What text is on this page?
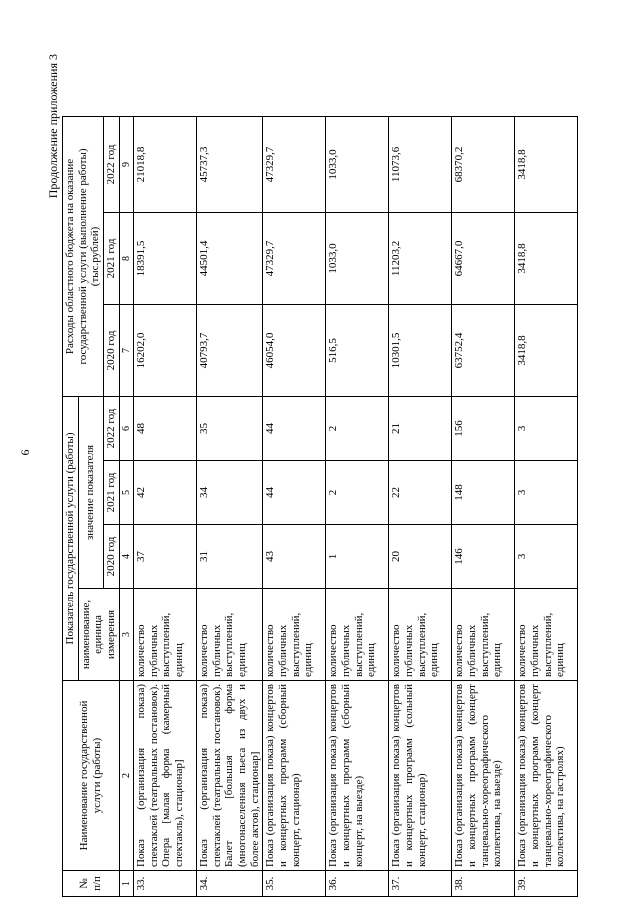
6
Продолжение приложения 3
№ п/п	Наименование государственной услуги (работы)	Показатель государственной услуги (работы)				Расходы областного бюджета на оказание государственной услуги (выполнение работы) (тыс.рублей)		
		наименование, единица измерения	значение показателя					
			2020 год	2021 год	2022 год	2020 год	2021 год	2022 год
1	2	3	4	5	6	7	8	9
33.	Показ (организация показа) спектаклей (театральных постановок). Опера [малая форма (камерный спектакль), стационар]	количество публичных выступлений, единиц	37	42	48	16202,0	18391,5	21018,8
34.	Показ (организация показа) спектаклей (театральных постановок). Балет [большая форма (многонаселенная пьеса из двух и более актов), стационар]	количество публичных выступлений, единиц	31	34	35	40793,7	44501,4	45737,3
35.	Показ (организация показа) концертов и концертных программ (сборный концерт, стационар)	количество публичных выступлений, единиц	43	44	44	46054,0	47329,7	47329,7
36.	Показ (организация показа) концертов и концертных программ (сборный концерт, на выезде)	количество публичных выступлений, единиц	1	2	2	516,5	1033,0	1033,0
37.	Показ (организация показа) концертов и концертных программ (сольный концерт, стационар)	количество публичных выступлений, единиц	20	22	21	10301,5	11203,2	11073,6
38.	Показ (организация показа) концертов и концертных программ (концерт танцевально-хореографического коллектива, на выезде)	количество публичных выступлений, единиц	146	148	156	63752,4	64667,0	68370,2
39.	Показ (организация показа) концертов и концертных программ (концерт танцевально-хореографического коллектива, на гастролях)	количество публичных выступлений, единиц	3	3	3	3418,8	3418,8	3418,8
